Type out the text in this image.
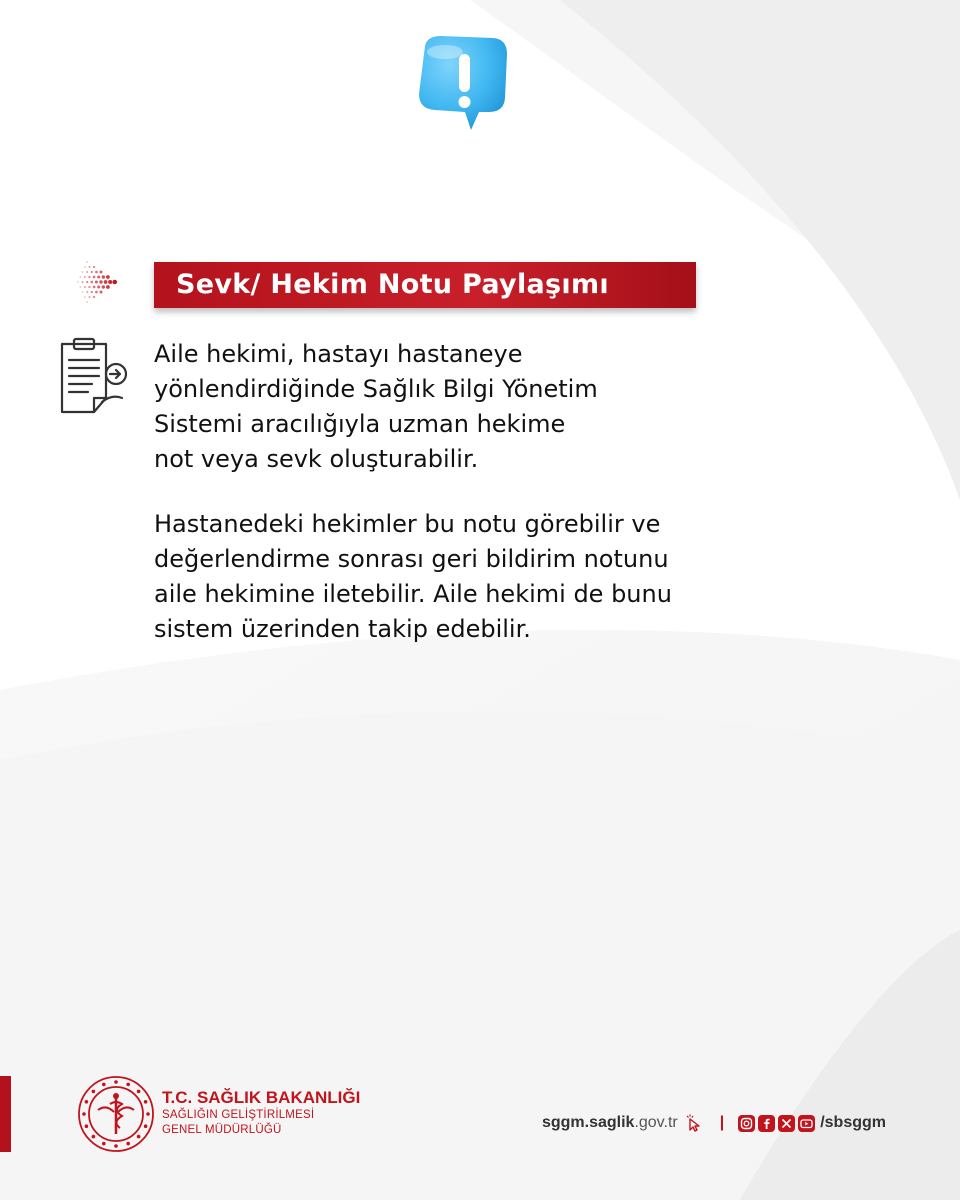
Sevk/ Hekim Notu Paylaşımı

Aile hekimi, hastayı hastaneye
yönlendirdiğinde Sağlık Bilgi Yönetim
Sistemi aracılığıyla uzman hekime
not veya sevk oluşturabilir.

Hastanedeki hekimler bu notu görebilir ve
değerlendirme sonrası geri bildirim notunu
aile hekimine iletebilir. Aile hekimi de bunu
sistem üzerinden takip edebilir.

T.C. SAĞLIK BAKANLIĞI
SAĞLIĞIN GELİŞTİRİLMESİ
GENEL MÜDÜRLÜĞÜ	sggm.saglik.gov.tr	|	/sbsggm
